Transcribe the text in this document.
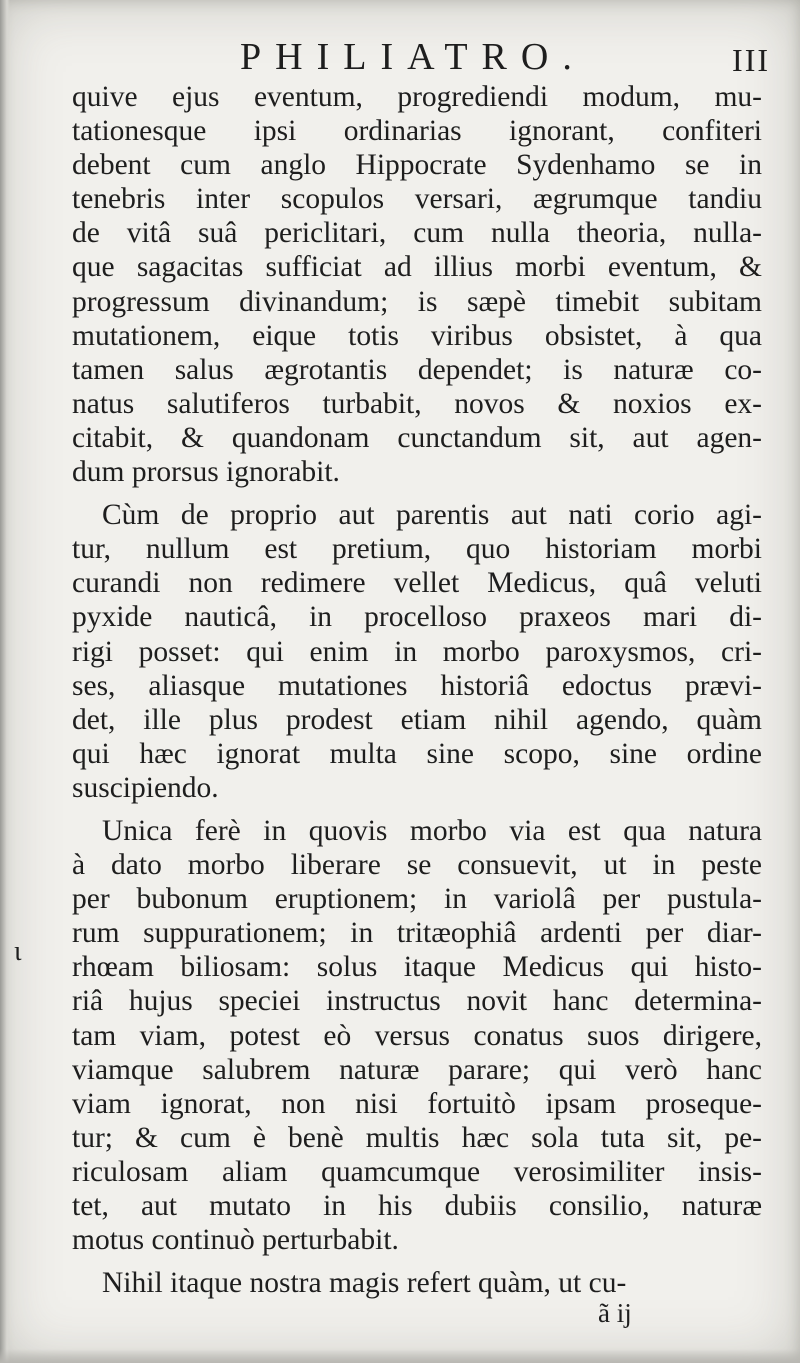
PHILIATRO.	III
ɩ
quive ejus eventum, progrediendi modum, mu-
tationesque ipsi ordinarias ignorant, confiteri
debent cum anglo Hippocrate Sydenhamo se in
tenebris inter scopulos versari, ægrumque tandiu
de vitâ suâ periclitari, cum nulla theoria, nulla-
que sagacitas sufficiat ad illius morbi eventum, &
progressum divinandum; is sæpè timebit subitam
mutationem, eique totis viribus obsistet, à qua
tamen salus ægrotantis dependet; is naturæ co-
natus salutiferos turbabit, novos & noxios ex-
citabit, & quandonam cunctandum sit, aut agen-
dum prorsus ignorabit.
Cùm de proprio aut parentis aut nati corio agi-
tur, nullum est pretium, quo historiam morbi
curandi non redimere vellet Medicus, quâ veluti
pyxide nauticâ, in procelloso praxeos mari di-
rigi posset: qui enim in morbo paroxysmos, cri-
ses, aliasque mutationes historiâ edoctus prævi-
det, ille plus prodest etiam nihil agendo, quàm
qui hæc ignorat multa sine scopo, sine ordine
suscipiendo.
Unica ferè in quovis morbo via est qua natura
à dato morbo liberare se consuevit, ut in peste
per bubonum eruptionem; in variolâ per pustula-
rum suppurationem; in tritæophiâ ardenti per diar-
rhœam biliosam: solus itaque Medicus qui histo-
riâ hujus speciei instructus novit hanc determina-
tam viam, potest eò versus conatus suos dirigere,
viamque salubrem naturæ parare; qui verò hanc
viam ignorat, non nisi fortuitò ipsam proseque-
tur; & cum è benè multis hæc sola tuta sit, pe-
riculosam aliam quamcumque verosimiliter insis-
tet, aut mutato in his dubiis consilio, naturæ
motus continuò perturbabit.
Nihil itaque nostra magis refert quàm, ut cu-
ã ij
